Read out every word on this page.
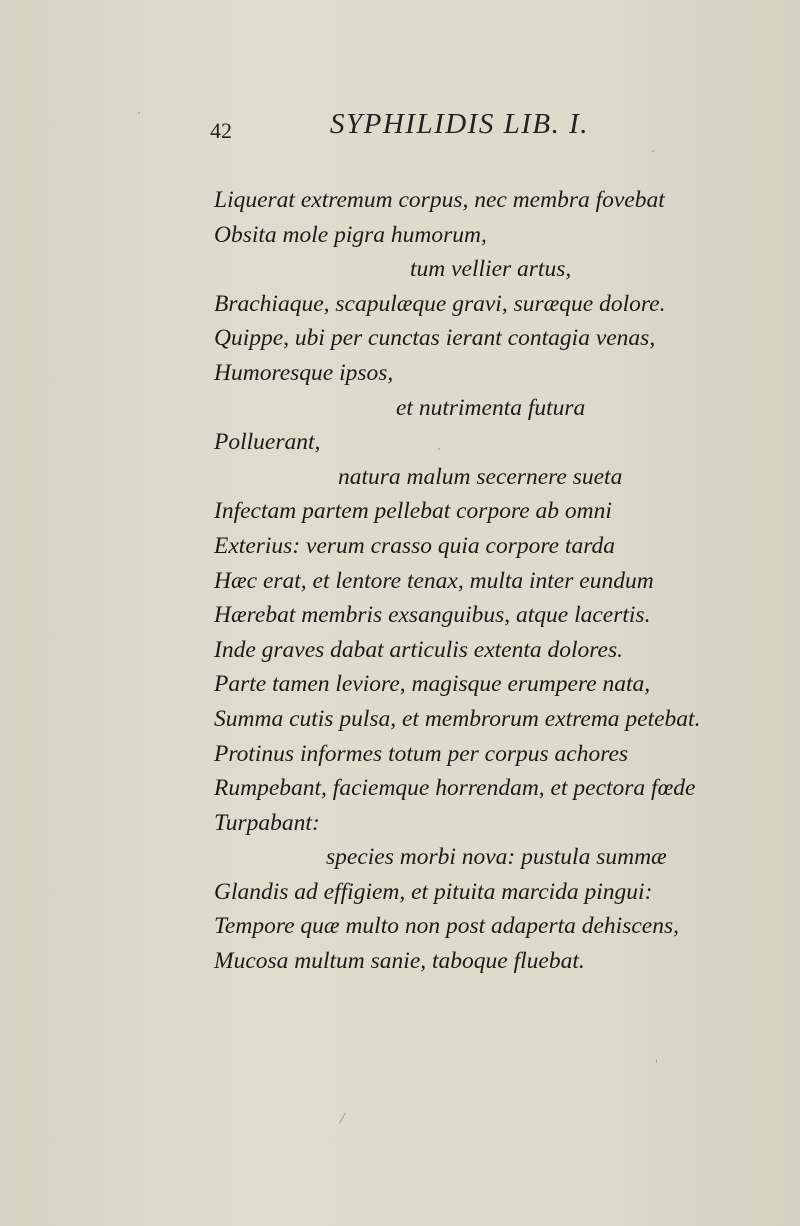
42	SYPHILIDIS LIB. I.
Liquerat extremum corpus, nec membra fovebat
Obsita mole pigra humorum,
tum vellier artus,
Brachiaque, scapulæque gravi, suræque dolore.
Quippe, ubi per cunctas ierant contagia venas,
Humoresque ipsos,
et nutrimenta futura
Polluerant,
natura malum secernere sueta
Infectam partem pellebat corpore ab omni
Exterius: verum crasso quia corpore tarda
Hæc erat, et lentore tenax, multa inter eundum
Hærebat membris exsanguibus, atque lacertis.
Inde graves dabat articulis extenta dolores.
Parte tamen leviore, magisque erumpere nata,
Summa cutis pulsa, et membrorum extrema petebat.
Protinus informes totum per corpus achores
Rumpebant, faciemque horrendam, et pectora fœde
Turpabant:
species morbi nova: pustula summæ
Glandis ad effigiem, et pituita marcida pingui:
Tempore quæ multo non post adaperta dehiscens,
Mucosa multum sanie, taboque fluebat.
